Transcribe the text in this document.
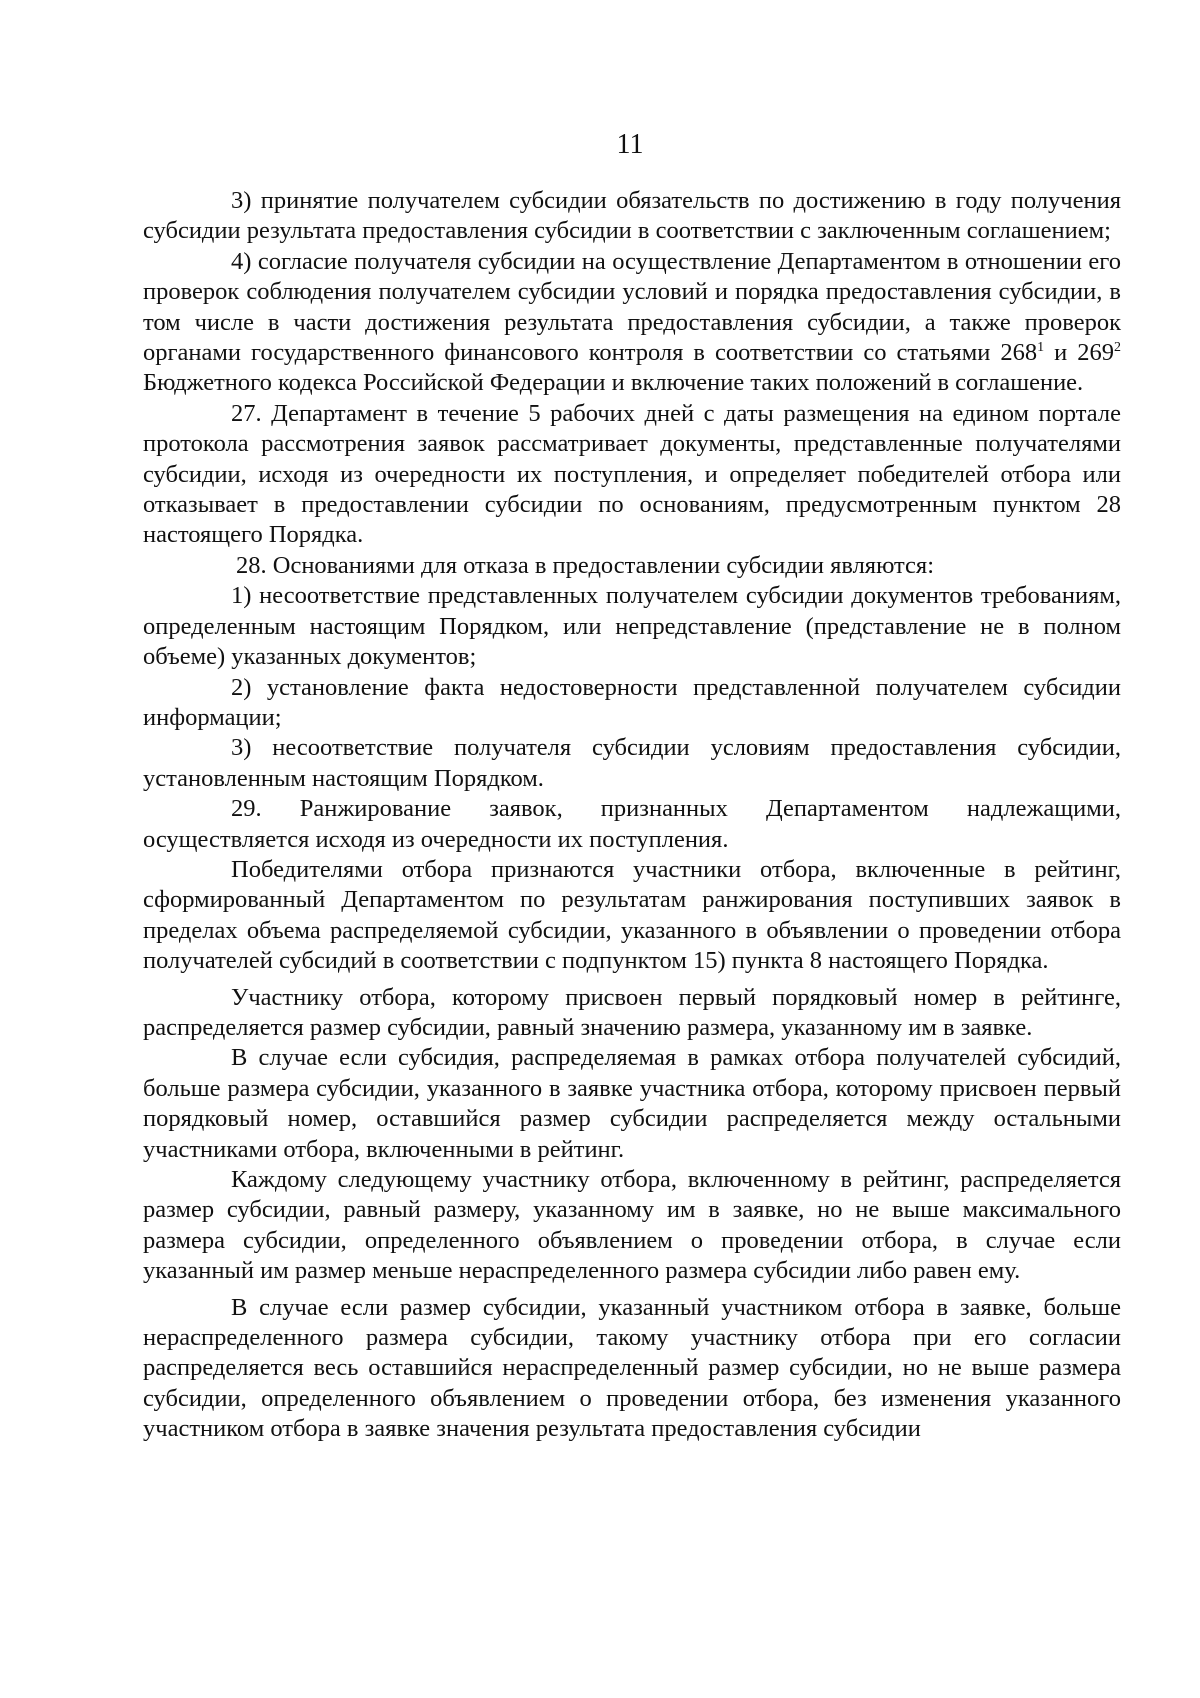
11

3) принятие получателем субсидии обязательств по достижению в году получения субсидии результата предоставления субсидии в соответствии с заключенным соглашением;

4) согласие получателя субсидии на осуществление Департаментом в отношении его проверок соблюдения получателем субсидии условий и порядка предоставления субсидии, в том числе в части достижения результата предоставления субсидии, а также проверок органами государственного финансового контроля в соответствии со статьями $268^1$ и $269^2$ Бюджетного кодекса Российской Федерации и включение таких положений в соглашение.

27. Департамент в течение 5 рабочих дней с даты размещения на едином портале протокола рассмотрения заявок рассматривает документы, представленные получателями субсидии, исходя из очередности их поступления, и определяет победителей отбора или отказывает в предоставлении субсидии по основаниям, предусмотренным пунктом 28 настоящего Порядка.

28. Основаниями для отказа в предоставлении субсидии являются:

1) несоответствие представленных получателем субсидии документов требованиям, определенным настоящим Порядком, или непредставление (представление не в полном объеме) указанных документов;

2) установление факта недостоверности представленной получателем субсидии информации;

3) несоответствие получателя субсидии условиям предоставления субсидии, установленным настоящим Порядком.

29. Ранжирование заявок, признанных Департаментом надлежащими, осуществляется исходя из очередности их поступления.

Победителями отбора признаются участники отбора, включенные в рейтинг, сформированный Департаментом по результатам ранжирования поступивших заявок в пределах объема распределяемой субсидии, указанного в объявлении о проведении отбора получателей субсидий в соответствии с подпунктом 15) пункта 8 настоящего Порядка.

Участнику отбора, которому присвоен первый порядковый номер в рейтинге, распределяется размер субсидии, равный значению размера, указанному им в заявке.

В случае если субсидия, распределяемая в рамках отбора получателей субсидий, больше размера субсидии, указанного в заявке участника отбора, которому присвоен первый порядковый номер, оставшийся размер субсидии распределяется между остальными участниками отбора, включенными в рейтинг.

Каждому следующему участнику отбора, включенному в рейтинг, распределяется размер субсидии, равный размеру, указанному им в заявке, но не выше максимального размера субсидии, определенного объявлением о проведении отбора, в случае если указанный им размер меньше нераспределенного размера субсидии либо равен ему.

В случае если размер субсидии, указанный участником отбора в заявке, больше нераспределенного размера субсидии, такому участнику отбора при его согласии распределяется весь оставшийся нераспределенный размер субсидии, но не выше размера субсидии, определенного объявлением о проведении отбора, без изменения указанного участником отбора в заявке значения результата предоставления субсидии
